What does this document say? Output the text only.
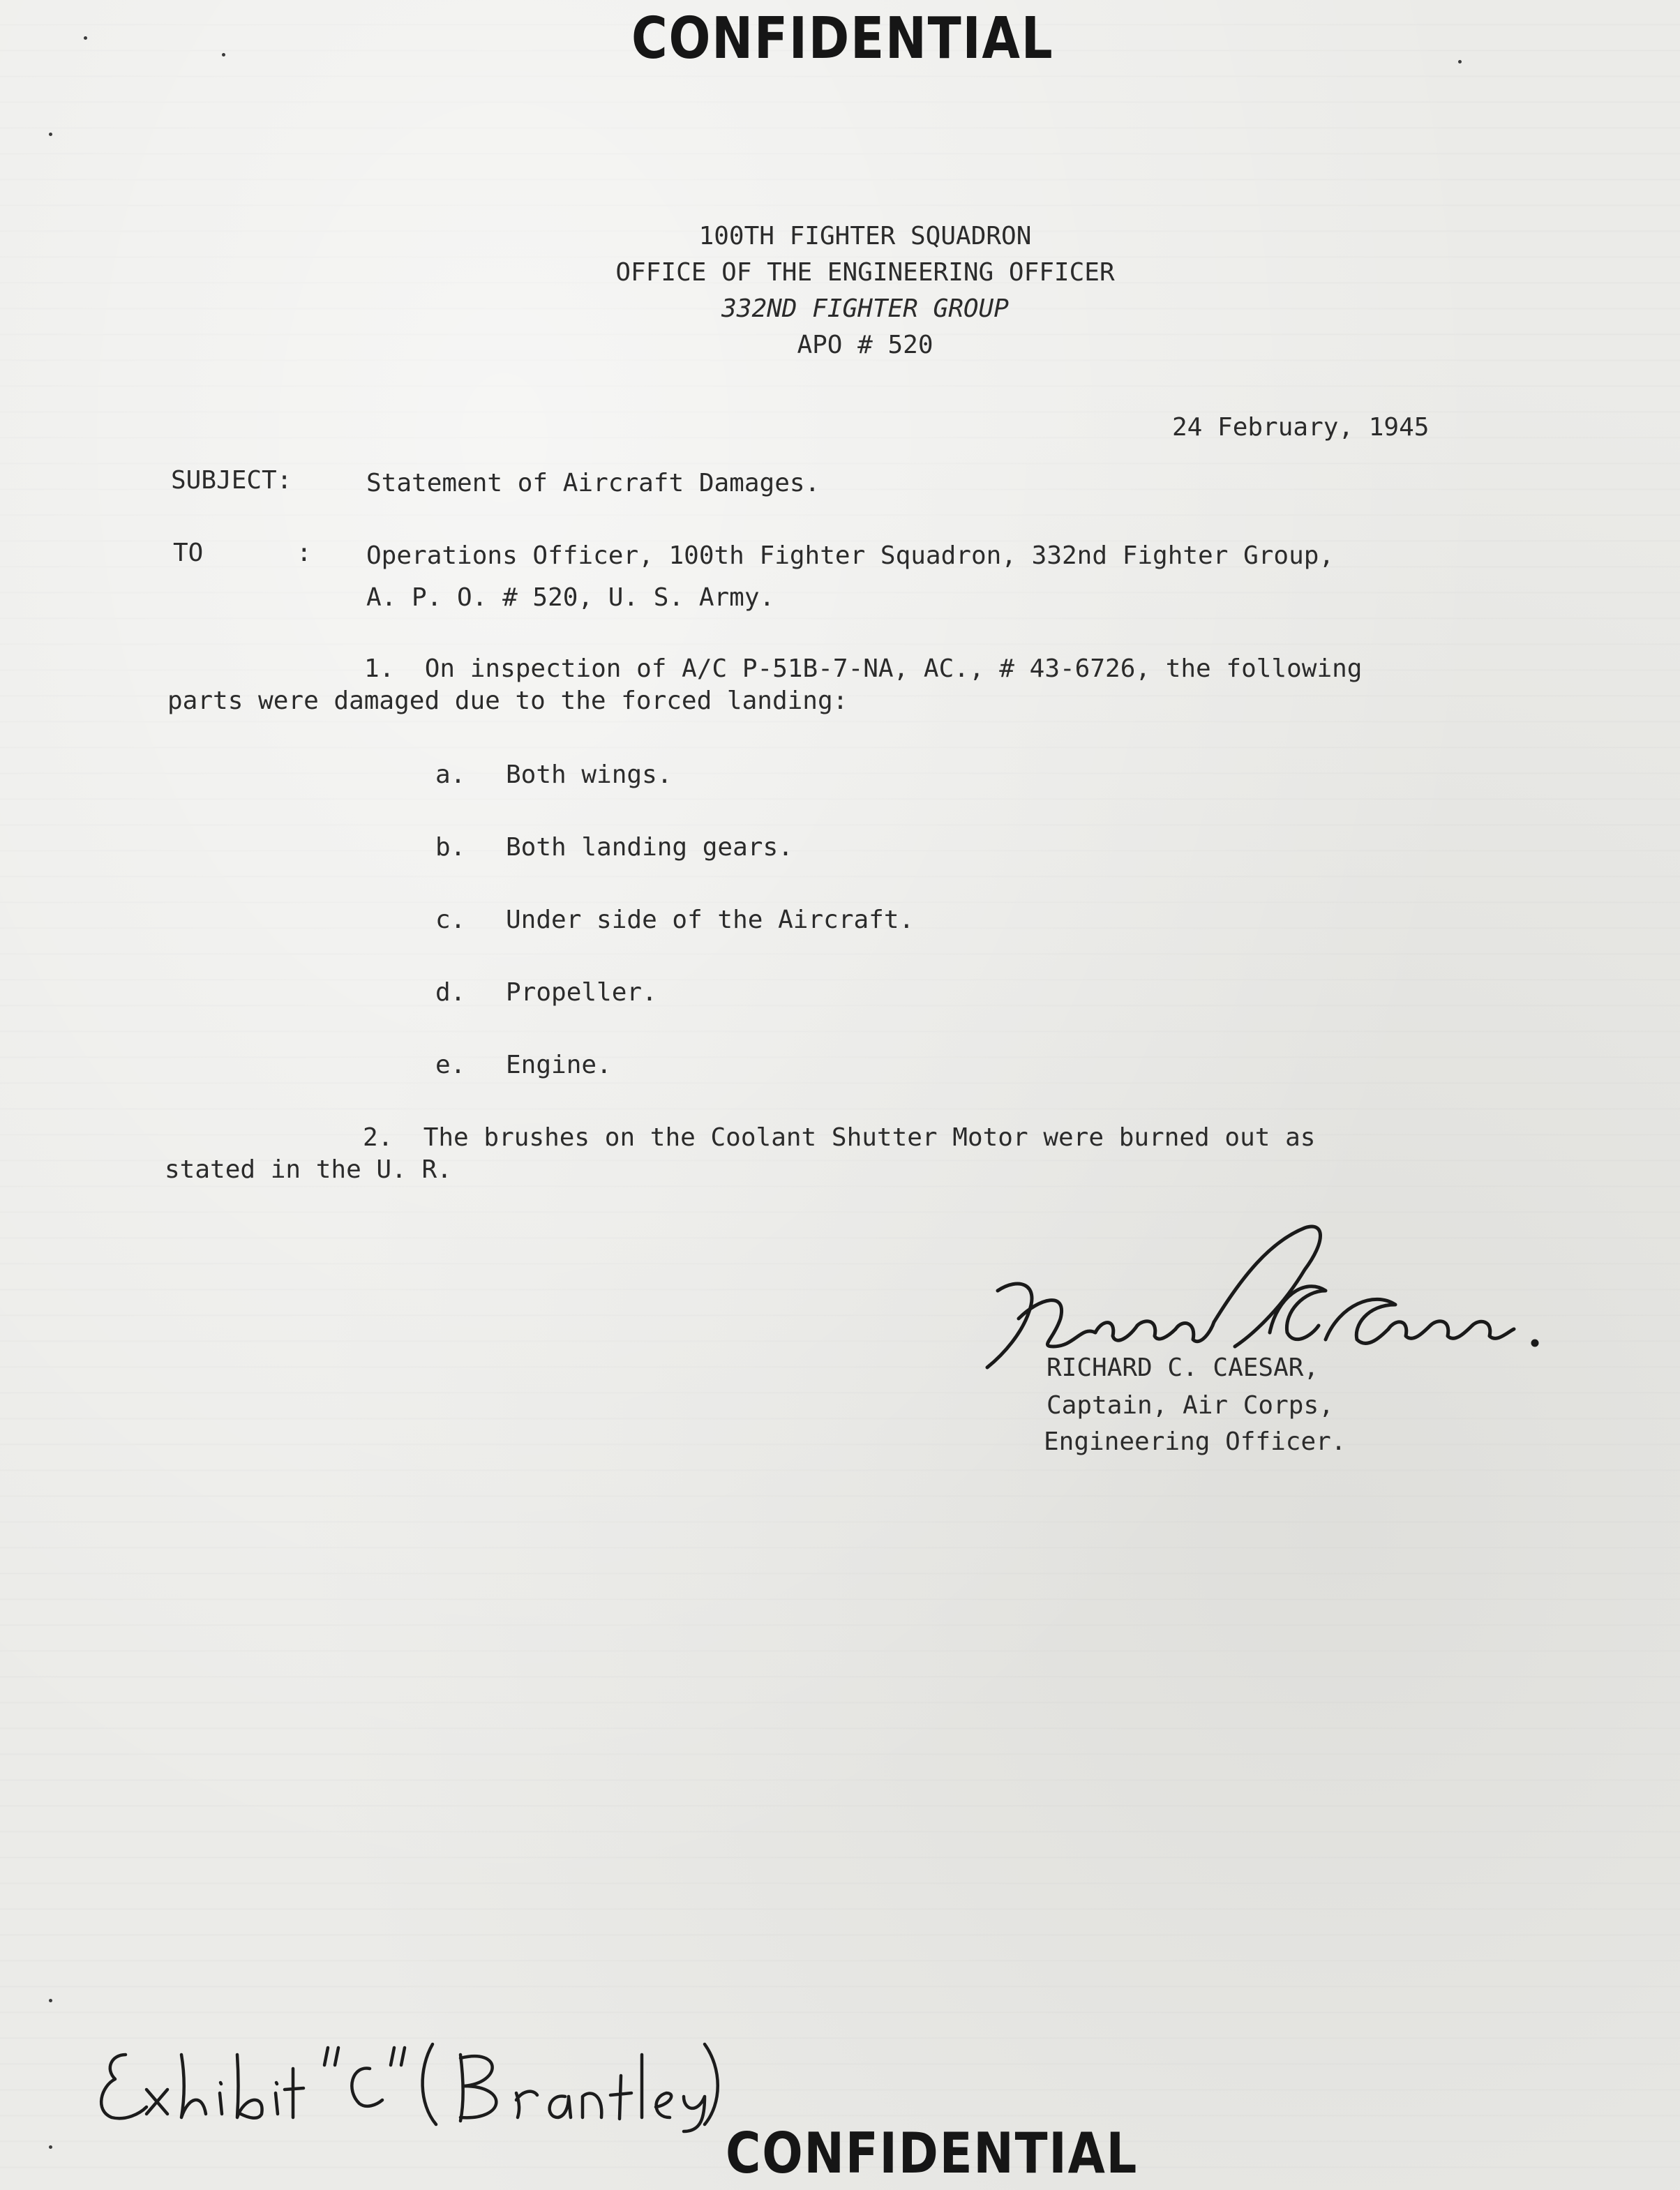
CONFIDENTIAL
100TH FIGHTER SQUADRON
OFFICE OF THE ENGINEERING OFFICER
332ND FIGHTER GROUP
APO # 520
24 February, 1945
SUBJECT:	Statement of Aircraft Damages.
TO	: Operations Officer, 100th Fighter Squadron, 332nd Fighter Group,
A. P. O. # 520, U. S. Army.
1.  On inspection of A/C P-51B-7-NA, AC., # 43-6726, the following
parts were damaged due to the forced landing:
a. Both wings.
b. Both landing gears.
c. Under side of the Aircraft.
d. Propeller.
e. Engine.
2.  The brushes on the Coolant Shutter Motor were burned out as
stated in the U. R.
RICHARD C. CAESAR,
Captain, Air Corps,
Engineering Officer.
CONFIDENTIAL
